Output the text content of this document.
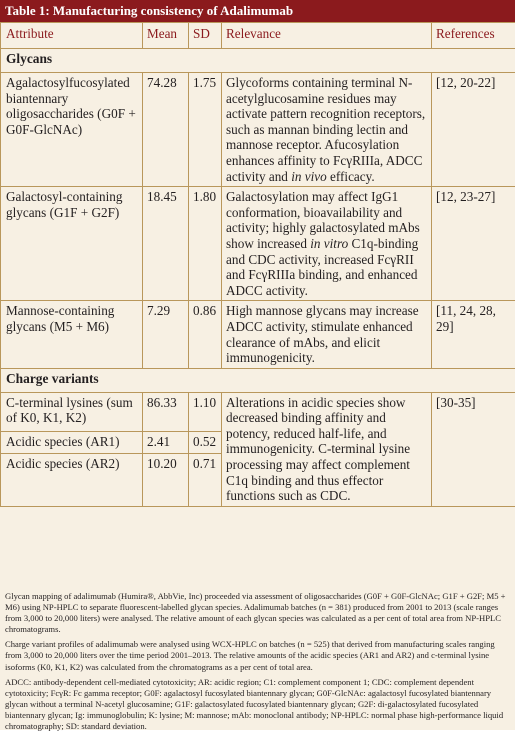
Table 1: Manufacturing consistency of Adalimumab
Attribute	Mean	SD	Relevance	References
Glycans				
Agalactosylfucosylated biantennary oligosaccharides (G0F + G0F-GlcNAc)	74.28	1.75	Glycoforms containing terminal N-acetylglucosamine residues may activate pattern recognition receptors, such as mannan binding lectin and mannose receptor. Afucosylation enhances affinity to FcγRIIIa, ADCC activity and in vivo efficacy.	[12, 20-22]
Galactosyl-containing glycans (G1F + G2F)	18.45	1.80	Galactosylation may affect IgG1 conformation, bioavailability and activity; highly galactosylated mAbs show increased in vitro C1q-binding and CDC activity, increased FcγRII and FcγRIIIa binding, and enhanced ADCC activity.	[12, 23-27]
Mannose-containing glycans (M5 + M6)	7.29	0.86	High mannose glycans may increase ADCC activity, stimulate enhanced clearance of mAbs, and elicit immunogenicity.	[11, 24, 28, 29]
Charge variants				
C-terminal lysines (sum of K0, K1, K2)	86.33	1.10	Alterations in acidic species show decreased binding affinity and potency, reduced half-life, and immunogenicity. C-terminal lysine processing may affect complement C1q binding and thus effector functions such as CDC.	[30-35]
Acidic species (AR1)	2.41	0.52		
Acidic species (AR2)	10.20	0.71		

Glycan mapping of adalimumab (Humira®, AbbVie, Inc) proceeded via assessment of oligosaccharides (G0F + G0F-GlcNAc; G1F + G2F; M5 + M6) using NP-HPLC to separate fluorescent-labelled glycan species. Adalimumab batches (n = 381) produced from 2001 to 2013 (scale ranges from 3,000 to 20,000 liters) were analysed. The relative amount of each glycan species was calculated as a per cent of total area from NP-HPLC chromatograms.

Charge variant profiles of adalimumab were analysed using WCX-HPLC on batches (n = 525) that derived from manufacturing scales ranging from 3,000 to 20,000 liters over the time period 2001–2013. The relative amounts of the acidic species (AR1 and AR2) and c-terminal lysine isoforms (K0, K1, K2) was calculated from the chromatograms as a per cent of total area.

ADCC: antibody-dependent cell-mediated cytotoxicity; AR: acidic region; C1: complement component 1; CDC: complement dependent cytotoxicity; FcγR: Fc gamma receptor; G0F: agalactosyl fucosylated biantennary glycan; G0F-GlcNAc: agalactosyl fucosylated biantennary glycan without a terminal N-acetyl glucosamine; G1F: galactosylated fucosylated biantennary glycan; G2F: di-galactosylated fucosylated biantennary glycan; Ig: immunoglobulin; K: lysine; M: mannose; mAb: monoclonal antibody; NP-HPLC: normal phase high-performance liquid chromatography; SD: standard deviation.
